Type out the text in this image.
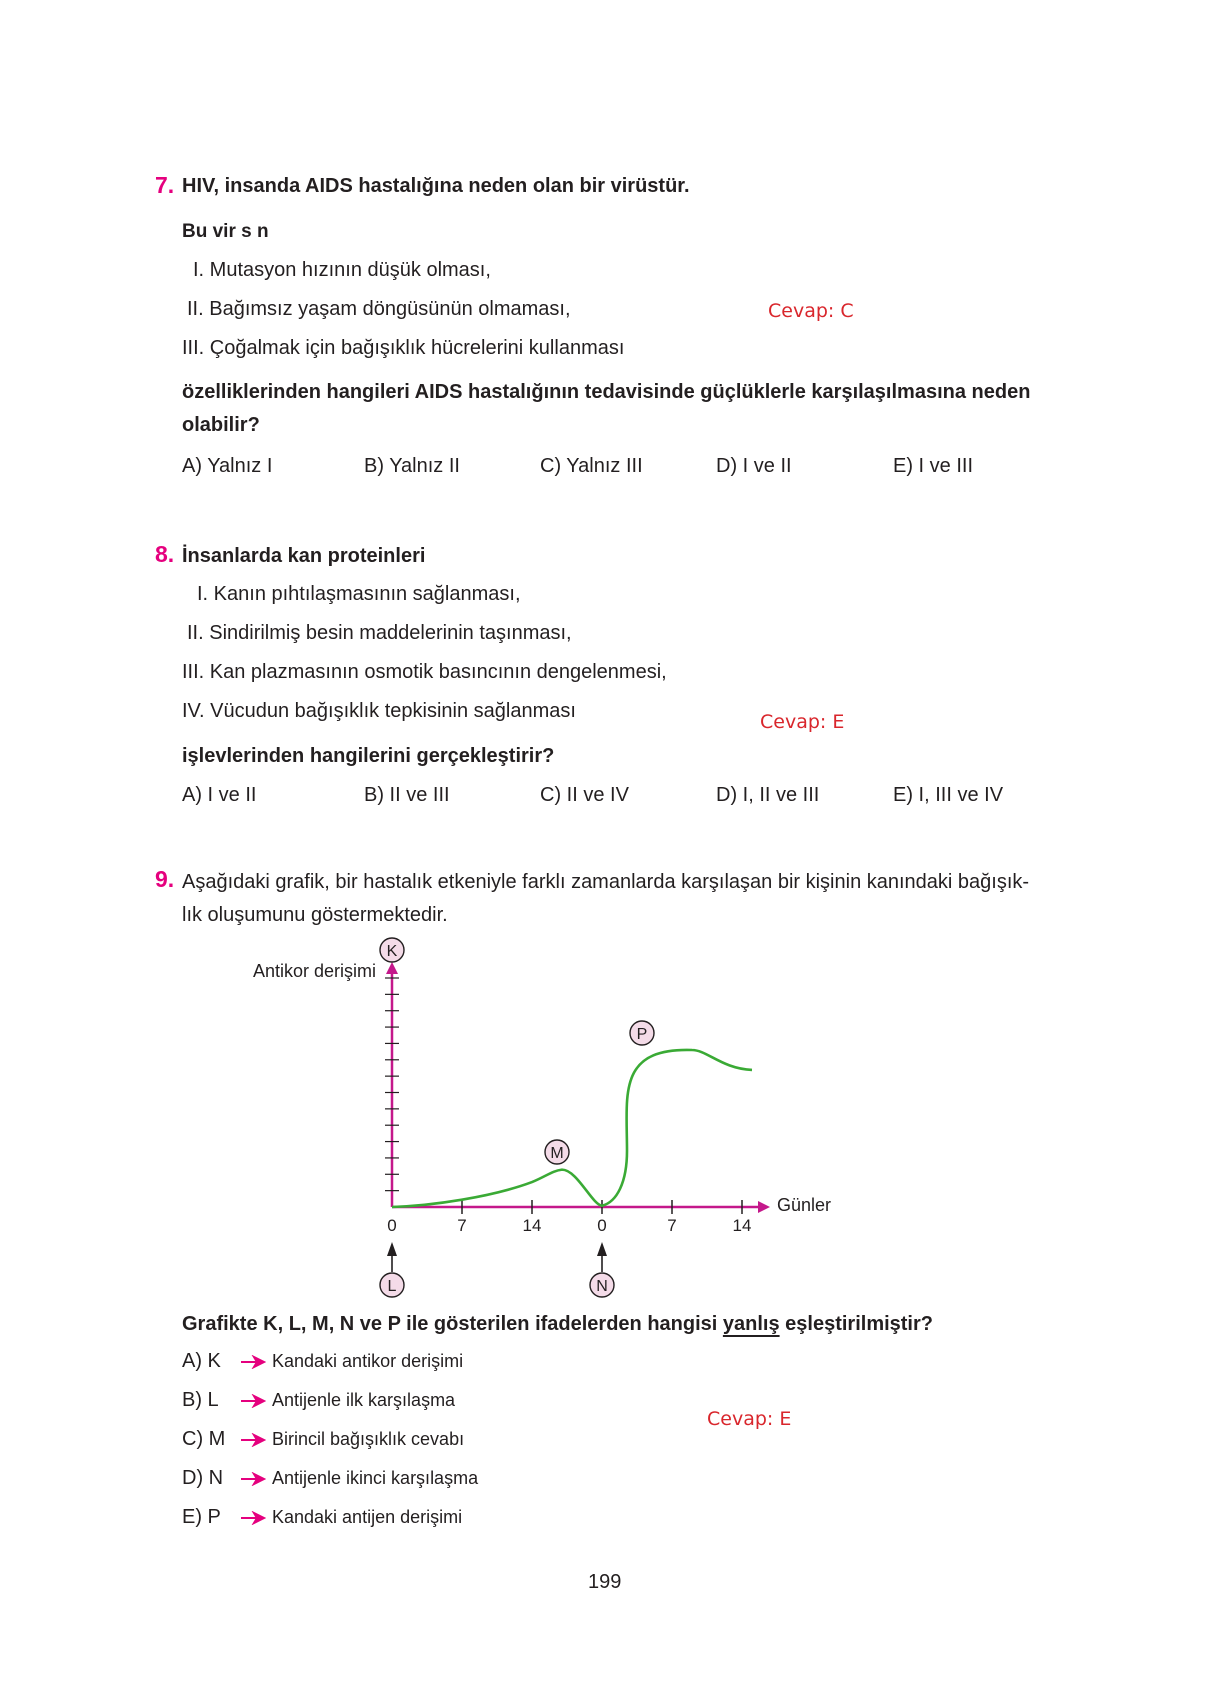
7. HIV, insanda AIDS hastalığına neden olan bir virüstür.
Bu vir s n
I. Mutasyon hızının düşük olması,
II. Bağımsız yaşam döngüsünün olmaması,
III. Çoğalmak için bağışıklık hücrelerini kullanması
Cevap: C
özelliklerinden hangileri AIDS hastalığının tedavisinde güçlüklerle karşılaşılmasına neden
olabilir?
A) Yalnız I	B) Yalnız II	C) Yalnız III	D) I ve II	E) I ve III
8. İnsanlarda kan proteinleri
I. Kanın pıhtılaşmasının sağlanması,
II. Sindirilmiş besin maddelerinin taşınması,
III. Kan plazmasının osmotik basıncının dengelenmesi,
IV. Vücudun bağışıklık tepkisinin sağlanması	Cevap: E
işlevlerinden hangilerini gerçekleştirir?
A) I ve II	B) II ve III	C) II ve IV	D) I, II ve III	E) I, III ve IV
9. Aşağıdaki grafik, bir hastalık etkeniyle farklı zamanlarda karşılaşan bir kişinin kanındaki bağışık-
lık oluşumunu göstermektedir.
0	7	14	0	7	14
Antikor derişimi
Günler
K
M
P
L	N
Grafikte K, L, M, N ve P ile gösterilen ifadelerden hangisi yanlış eşleştirilmiştir?
A) K	Kandaki antikor derişimi
B) L	Antijenle ilk karşılaşma
C) M	Birincil bağışıklık cevabı
D) N	Antijenle ikinci karşılaşma
E) P	Kandaki antijen derişimi
Cevap: E
199
